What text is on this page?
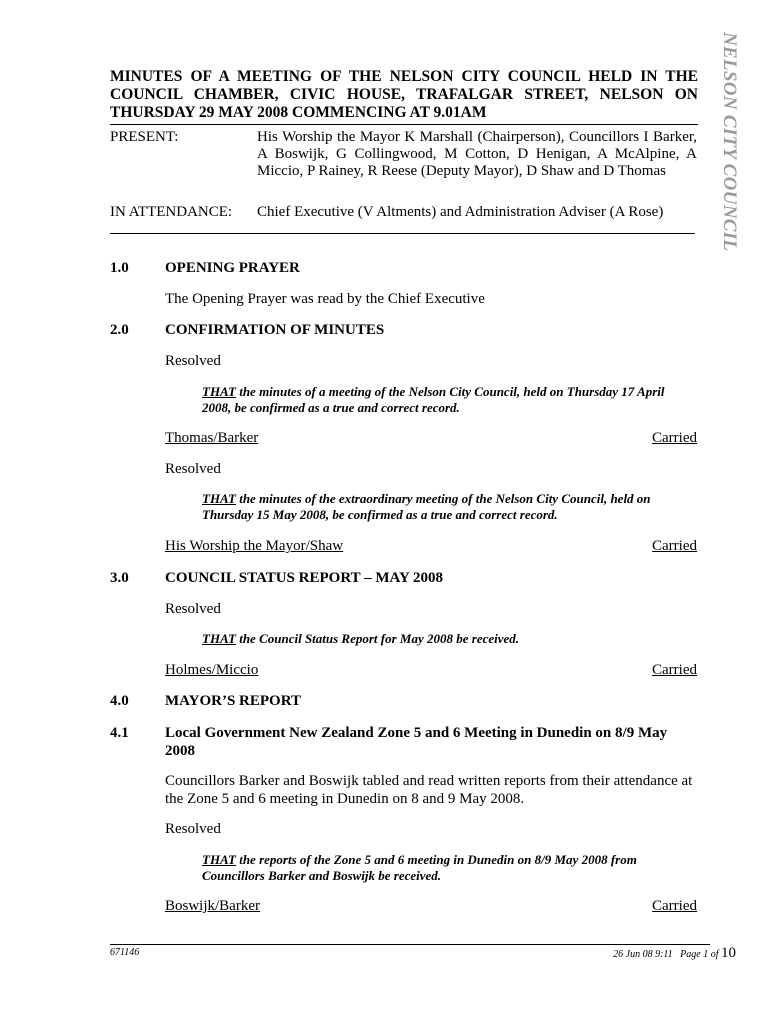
NELSON CITY COUNCIL

MINUTES OF A MEETING OF THE NELSON CITY COUNCIL HELD IN THE COUNCIL CHAMBER, CIVIC HOUSE, TRAFALGAR STREET, NELSON ON THURSDAY 29 MAY 2008 COMMENCING AT 9.01AM

PRESENT:	His Worship the Mayor K Marshall (Chairperson), Councillors I Barker, A Boswijk, G Collingwood, M Cotton, D Henigan, A McAlpine, A Miccio, P Rainey, R Reese (Deputy Mayor), D Shaw and D Thomas
IN ATTENDANCE: Chief Executive (V Altments) and Administration Adviser (A Rose)
1.0 OPENING PRAYER
The Opening Prayer was read by the Chief Executive
2.0 CONFIRMATION OF MINUTES
Resolved
THAT the minutes of a meeting of the Nelson City Council, held on Thursday 17 April 2008, be confirmed as a true and correct record.
Thomas/Barker	Carried
Resolved
THAT the minutes of the extraordinary meeting of the Nelson City Council, held on Thursday 15 May 2008, be confirmed as a true and correct record.
His Worship the Mayor/Shaw	Carried
3.0 COUNCIL STATUS REPORT – MAY 2008
Resolved
THAT the Council Status Report for May 2008 be received.
Holmes/Miccio	Carried
4.0 MAYOR’S REPORT
4.1 Local Government New Zealand Zone 5 and 6 Meeting in Dunedin on 8/9 May 2008
Councillors Barker and Boswijk tabled and read written reports from their attendance at the Zone 5 and 6 meeting in Dunedin on 8 and 9 May 2008.
Resolved
THAT the reports of the Zone 5 and 6 meeting in Dunedin on 8/9 May 2008 from Councillors Barker and Boswijk be received.
Boswijk/Barker	Carried
671146	26 Jun 08 9:11 Page 1 of 10
